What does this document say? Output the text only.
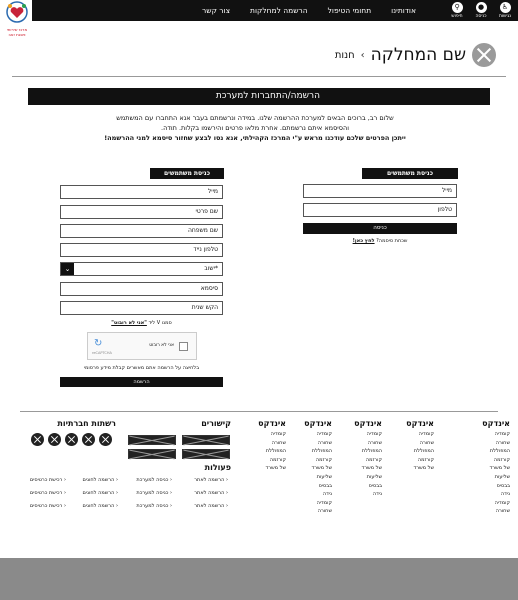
♿
נגישות
●
כניסה
⚲
חיפוש
אודותינו
תחומי הטיפול
הרשמה למחלקות
צור קשר
מרכז שירותי פסגת זאב
שם המחלקה
›
חנות
הרשמה/התחברות למערכת
שלום רב, ברוכים הבאים למערכת ההרשמה שלנו. במידה ונרשמתם בעבר אנא התחברו עם המשתמש
והסיסמא איתם נרשמתם. אחרת מלאו פרטים והירשמו בקלות. תודה.
ייתכן הפרטים שלכם עודכנו מראש ע"י המרכז הקהילתי, אנא נסו לבצע שחזור סיסמא למני ההרשמה!
כניסת משתמשים
מייל
טלפון
כניסה
שכחת סיסמה? לחץ כאן!
כניסת משתמשים
מייל
שם פרטי
שם משפחה
טלפון נייד
*ישוב
⌄
סיסמא
הקש שנית
סמנו V ליד "אני לא רובוט"
אני לא רובוט
↻
reCAPTCHA
בלחיצה על הרשמה אתם מאשרים קבלת מידע פרסומי
הרשמה
אינדקס
קומדיה
שחורה
המפוללת
קורזמה
של משרד
שליעות
בבסיס
נידה
קומדיה
שחורה
אינדקס
קומדיה
שחורה
המפוללת
קורזמה
של משרד
אינדקס
קומדיה
שחורה
המפוללת
קורזמה
של משרד
שליעות
בבסיס
נידה
אינדקס
קומדיה
שחורה
המפוללת
קורזמה
של משרד
שליעות
בבסיס
נידה
קומדיה
שחורה
אינדקס
קומדיה
שחורה
המפוללת
קורזמה
של משרד
קישורים
רשתות חברתיות
פעולות
‹ הרשמה לאתר
‹ כניסה למערכת
‹ הרשמה לחוגים
‹ רכישת כרטיסים
‹ הרשמה לאתר
‹ כניסה למערכת
‹ הרשמה לחוגים
‹ רכישת כרטיסים
‹ הרשמה לאתר
‹ כניסה למערכת
‹ הרשמה לחוגים
‹ רכישת כרטיסים
